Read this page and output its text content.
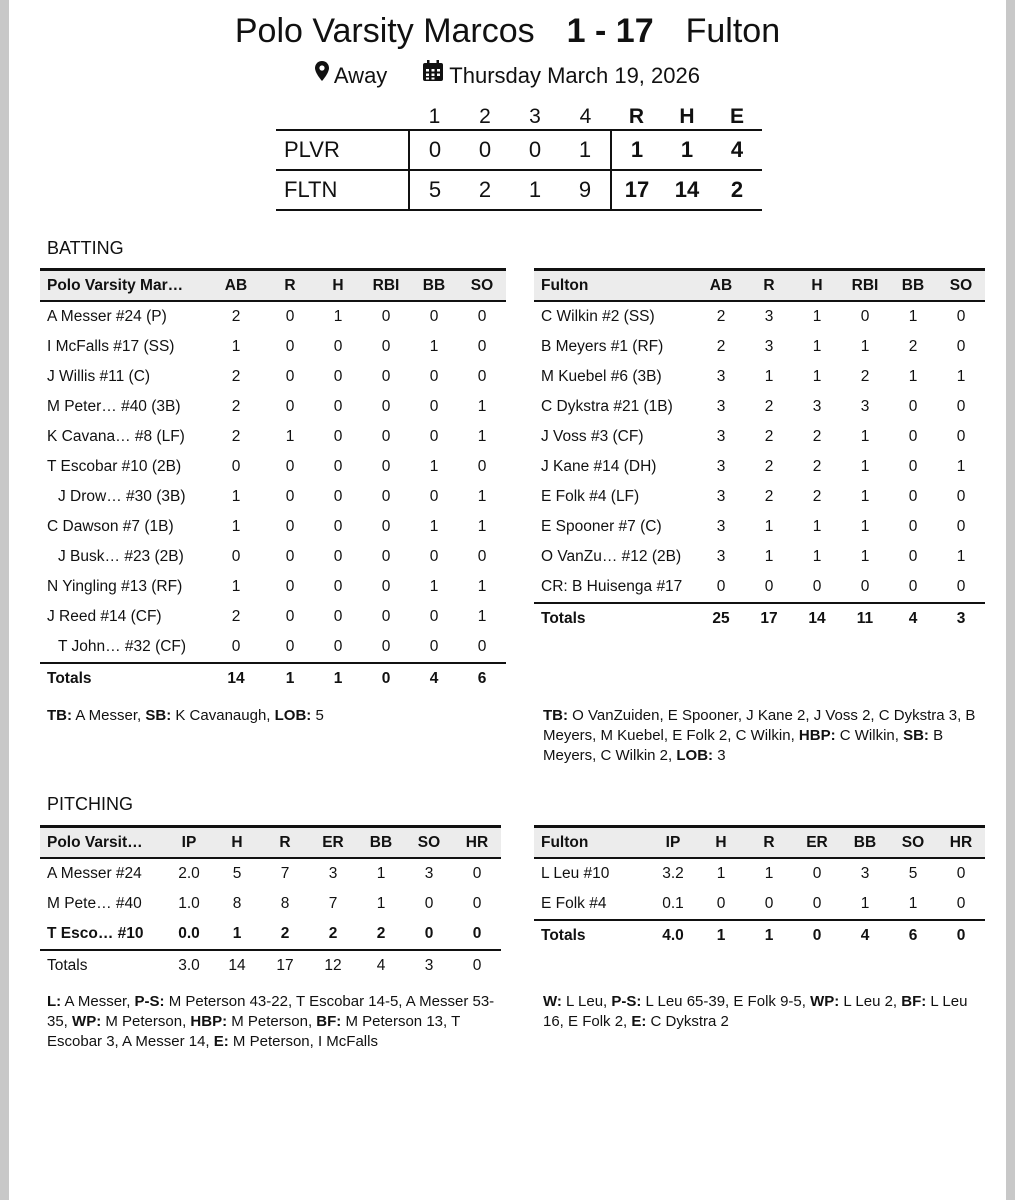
Polo Varsity Marcos 1 - 17 Fulton
Away	Thursday March 19, 2026
	1	2	3	4	R	H	E
PLVR	0	0	0	1	1	1	4
FLTN	5	2	1	9	17	14	2
BATTING
Polo Varsity Mar…	AB	R	H	RBI	BB	SO
A Messer #24 (P)	2	0	1	0	0	0
I McFalls #17 (SS)	1	0	0	0	1	0
J Willis #11 (C)	2	0	0	0	0	0
M Peter… #40 (3B)	2	0	0	0	0	1
K Cavana… #8 (LF)	2	1	0	0	0	1
T Escobar #10 (2B)	0	0	0	0	1	0
J Drow… #30 (3B)	1	0	0	0	0	1
C Dawson #7 (1B)	1	0	0	0	1	1
J Busk… #23 (2B)	0	0	0	0	0	0
N Yingling #13 (RF)	1	0	0	0	1	1
J Reed #14 (CF)	2	0	0	0	0	1
T John… #32 (CF)	0	0	0	0	0	0
Totals	14	1	1	0	4	6
Fulton	AB	R	H	RBI	BB	SO
C Wilkin #2 (SS)	2	3	1	0	1	0
B Meyers #1 (RF)	2	3	1	1	2	0
M Kuebel #6 (3B)	3	1	1	2	1	1
C Dykstra #21 (1B)	3	2	3	3	0	0
J Voss #3 (CF)	3	2	2	1	0	0
J Kane #14 (DH)	3	2	2	1	0	1
E Folk #4 (LF)	3	2	2	1	0	0
E Spooner #7 (C)	3	1	1	1	0	0
O VanZu… #12 (2B)	3	1	1	1	0	1
CR: B Huisenga #17	0	0	0	0	0	0
Totals	25	17	14	11	4	3
TB: A Messer, SB: K Cavanaugh, LOB: 5	TB: O VanZuiden, E Spooner, J Kane 2, J Voss 2, C Dykstra 3, B Meyers, M Kuebel, E Folk 2, C Wilkin, HBP: C Wilkin, SB: B Meyers, C Wilkin 2, LOB: 3
PITCHING
Polo Varsit…	IP	H	R	ER	BB	SO	HR
A Messer #24	2.0	5	7	3	1	3	0
M Pete… #40	1.0	8	8	7	1	0	0
T Esco… #10	0.0	1	2	2	2	0	0
Totals	3.0	14	17	12	4	3	0
Fulton	IP	H	R	ER	BB	SO	HR
L Leu #10	3.2	1	1	0	3	5	0
E Folk #4	0.1	0	0	0	1	1	0
Totals	4.0	1	1	0	4	6	0
L: A Messer, P-S: M Peterson 43-22, T Escobar 14-5, A Messer 53-35, WP: M Peterson, HBP: M Peterson, BF: M Peterson 13, T Escobar 3, A Messer 14, E: M Peterson, I McFalls
W: L Leu, P-S: L Leu 65-39, E Folk 9-5, WP: L Leu 2, BF: L Leu 16, E Folk 2, E: C Dykstra 2
